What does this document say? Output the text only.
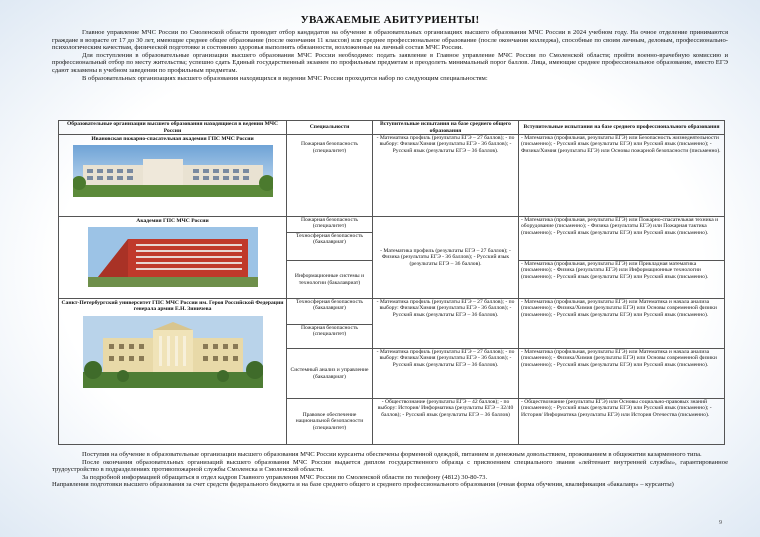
УВАЖАЕМЫЕ АБИТУРИЕНТЫ!

Главное управление МЧС России по Смоленской области проводит отбор кандидатов на обучение в образовательных организациях высшего образования МЧС России в 2024 учебном году. На очное отделение принимаются граждане в возрасте от 17 до 30 лет, имеющие среднее общее образование (после окончания 11 классов) или среднее профессиональное образование (после окончания колледжа), способные по своим личным, деловым, профессионально-психологическим качествам, физической подготовке и состоянию здоровья выполнять обязанности, возложенные на личный состав МЧС России.

Для поступления в образовательные организации высшего образования МЧС России необходимо: подать заявление в Главное управление МЧС России по Смоленской области; пройти военно-врачебную комиссию и профессиональный отбор по месту жительства; успешно сдать Единый государственный экзамен по профильным предметам и преодолеть минимальный порог баллов. Лица, имеющие среднее профессиональное образование, вместо ЕГЭ сдают экзамены в учебном заведении по профильным предметам.

В образовательных организациях высшего образования находящихся в ведении МЧС России проходится набор по следующим специальностям:

Образовательные организации высшего образования находящиеся в ведении МЧС России	Специальности	Вступительные испытания на базе среднего общего образования	Вступительные испытания на базе среднего профессионального образования

Ивановская пожарно-спасательная академия ГПС МЧС России	Пожарная безопасность (специалитет)	- Математика профиль (результаты ЕГЭ – 27 баллов); - по выбору: Физика/Химия (результаты ЕГЭ - 36 баллов); - Русский язык (результаты ЕГЭ – 36 баллов).	- Математика (профильная, результаты ЕГЭ) или Безопасность жизнедеятельности (письменно); - Русский язык (результаты ЕГЭ) или Русский язык (письменно); - Физика/Химия (результаты ЕГЭ) или Основы пожарной безопасности (письменно).

Академия ГПС МЧС России	Пожарная безопасность (специалитет)	- Математика профиль (результаты ЕГЭ – 27 баллов); - Физика (результаты ЕГЭ - 36 баллов); - Русский язык (результаты ЕГЭ – 36 баллов).	- Математика (профильная, результаты ЕГЭ) или Пожарно-спасательная техника и оборудование (письменно); - Физика (результаты ЕГЭ) или Пожарная тактика (письменно); - Русский язык (результаты ЕГЭ) или Русский язык (письменно).
	Техносферная безопасность (бакалавриат)		
	Информационные системы и технологии (бакалавриат)		- Математика (профильная, результаты ЕГЭ) или Прикладная математика (письменно); - Физика (результаты ЕГЭ) или Информационные технологии (письменно); - Русский язык (результаты ЕГЭ) или Русский язык (письменно).

Санкт-Петербургский университет ГПС МЧС России им. Героя Российской Федерации генерала армии Е.Н. Зиничева	Техносферная безопасность (бакалавриат)	- Математика профиль (результаты ЕГЭ – 27 баллов); - по выбору: Физика/Химия (результаты ЕГЭ - 36 баллов); - Русский язык (результаты ЕГЭ – 36 баллов).	- Математика (профильная, результаты ЕГЭ) или Математика и начала анализа (письменно); - Физика/Химия (результаты ЕГЭ) или Основы современной физики (письменно); - Русский язык (результаты ЕГЭ) или Русский язык (письменно).
	Пожарная безопасность (специалитет)		
	Системный анализ и управление (бакалавриат)	- Математика профиль (результаты ЕГЭ – 27 баллов); - по выбору: Физика/Химия (результаты ЕГЭ - 36 баллов); - Русский язык (результаты ЕГЭ – 36 баллов).	- Математика (профильная, результаты ЕГЭ) или Математика и начала анализа (письменно); - Физика/Химия (результаты ЕГЭ) или Основы современной физики (письменно); - Русский язык (результаты ЕГЭ) или Русский язык (письменно).
	Правовое обеспечение национальной безопасности (специалитет)	- Обществознание (результаты ЕГЭ – 42 баллов); - по выбору: История/ Информатика (результаты ЕГЭ – 32/40 баллов); - Русский язык (результаты ЕГЭ – 36 баллов)	- Обществознание (результаты ЕГЭ) или Основы социально-правовых знаний (письменно); - Русский язык (результаты ЕГЭ) или Русский язык (письменно); - История/ Информатика (результаты ЕГЭ) или История Отечества (письменно).

Поступив на обучение в образовательные организации высшего образования МЧС России курсанты обеспечены форменной одеждой, питанием и денежным довольствием, проживанием в общежитии казарменного типа.

После окончания образовательных организаций высшего образования МЧС России выдается диплом государственного образца с присвоением специального звания «лейтенант внутренней службы», гарантированное трудоустройство в подразделениях противопожарной службы Смоленска и Смоленской области.

За подробной информацией обращаться в отдел кадров Главного управления МЧС России по Смоленской области по телефону (4812) 30-80-73.

Направления подготовки высшего образования за счет средств федерального бюджета и на базе среднего общего и среднего профессионального образования (очная форма обучения, квалификация «бакалавр» – курсанты)

9
